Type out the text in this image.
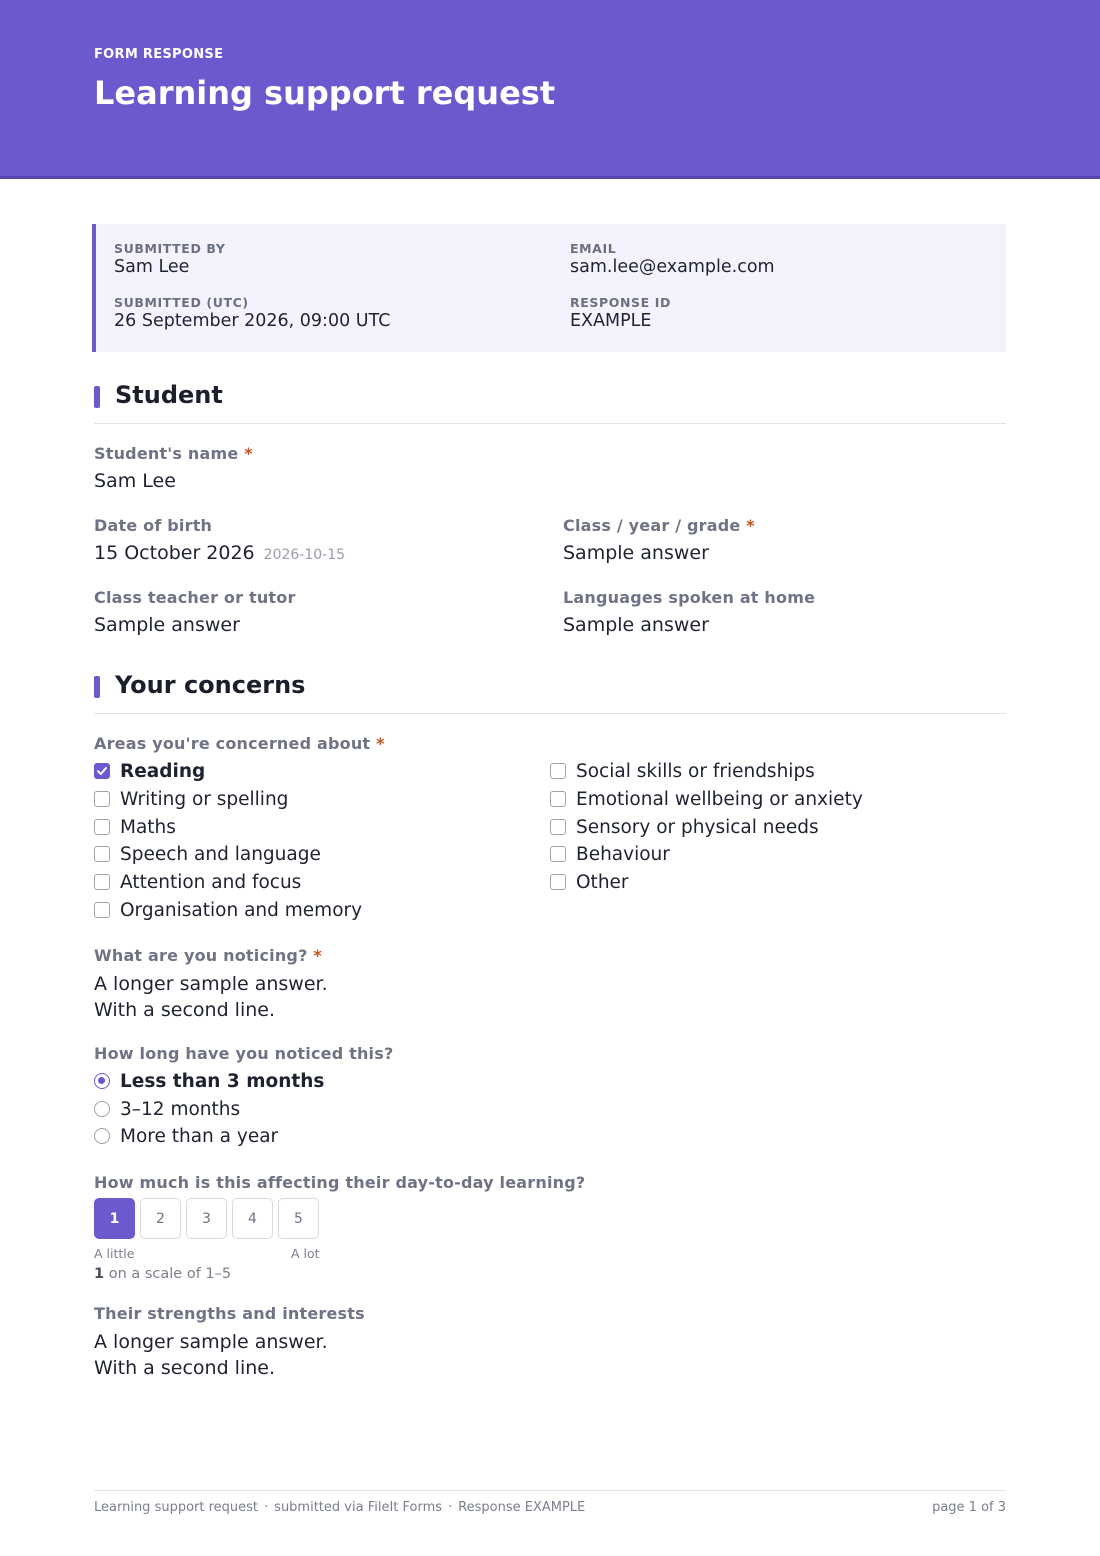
FORM RESPONSE
Learning support request
SUBMITTED BY
Sam Lee
EMAIL
sam.lee@example.com
SUBMITTED (UTC)
26 September 2026, 09:00 UTC
RESPONSE ID
EXAMPLE
Student
Student's name *
Sam Lee
Date of birth
15 October 2026 2026-10-15
Class / year / grade *
Sample answer
Class teacher or tutor
Sample answer
Languages spoken at home
Sample answer
Your concerns
Areas you're concerned about *
Reading
Writing or spelling
Maths
Speech and language
Attention and focus
Organisation and memory
Social skills or friendships
Emotional wellbeing or anxiety
Sensory or physical needs
Behaviour
Other
What are you noticing? *
A longer sample answer.
With a second line.
How long have you noticed this?
Less than 3 months
3–12 months
More than a year
How much is this affecting their day-to-day learning?
1	2	3	4	5
A little	A lot
1 on a scale of 1–5
Their strengths and interests
A longer sample answer.
With a second line.
Learning support request · submitted via FileIt Forms · Response EXAMPLE	page 1 of 3
